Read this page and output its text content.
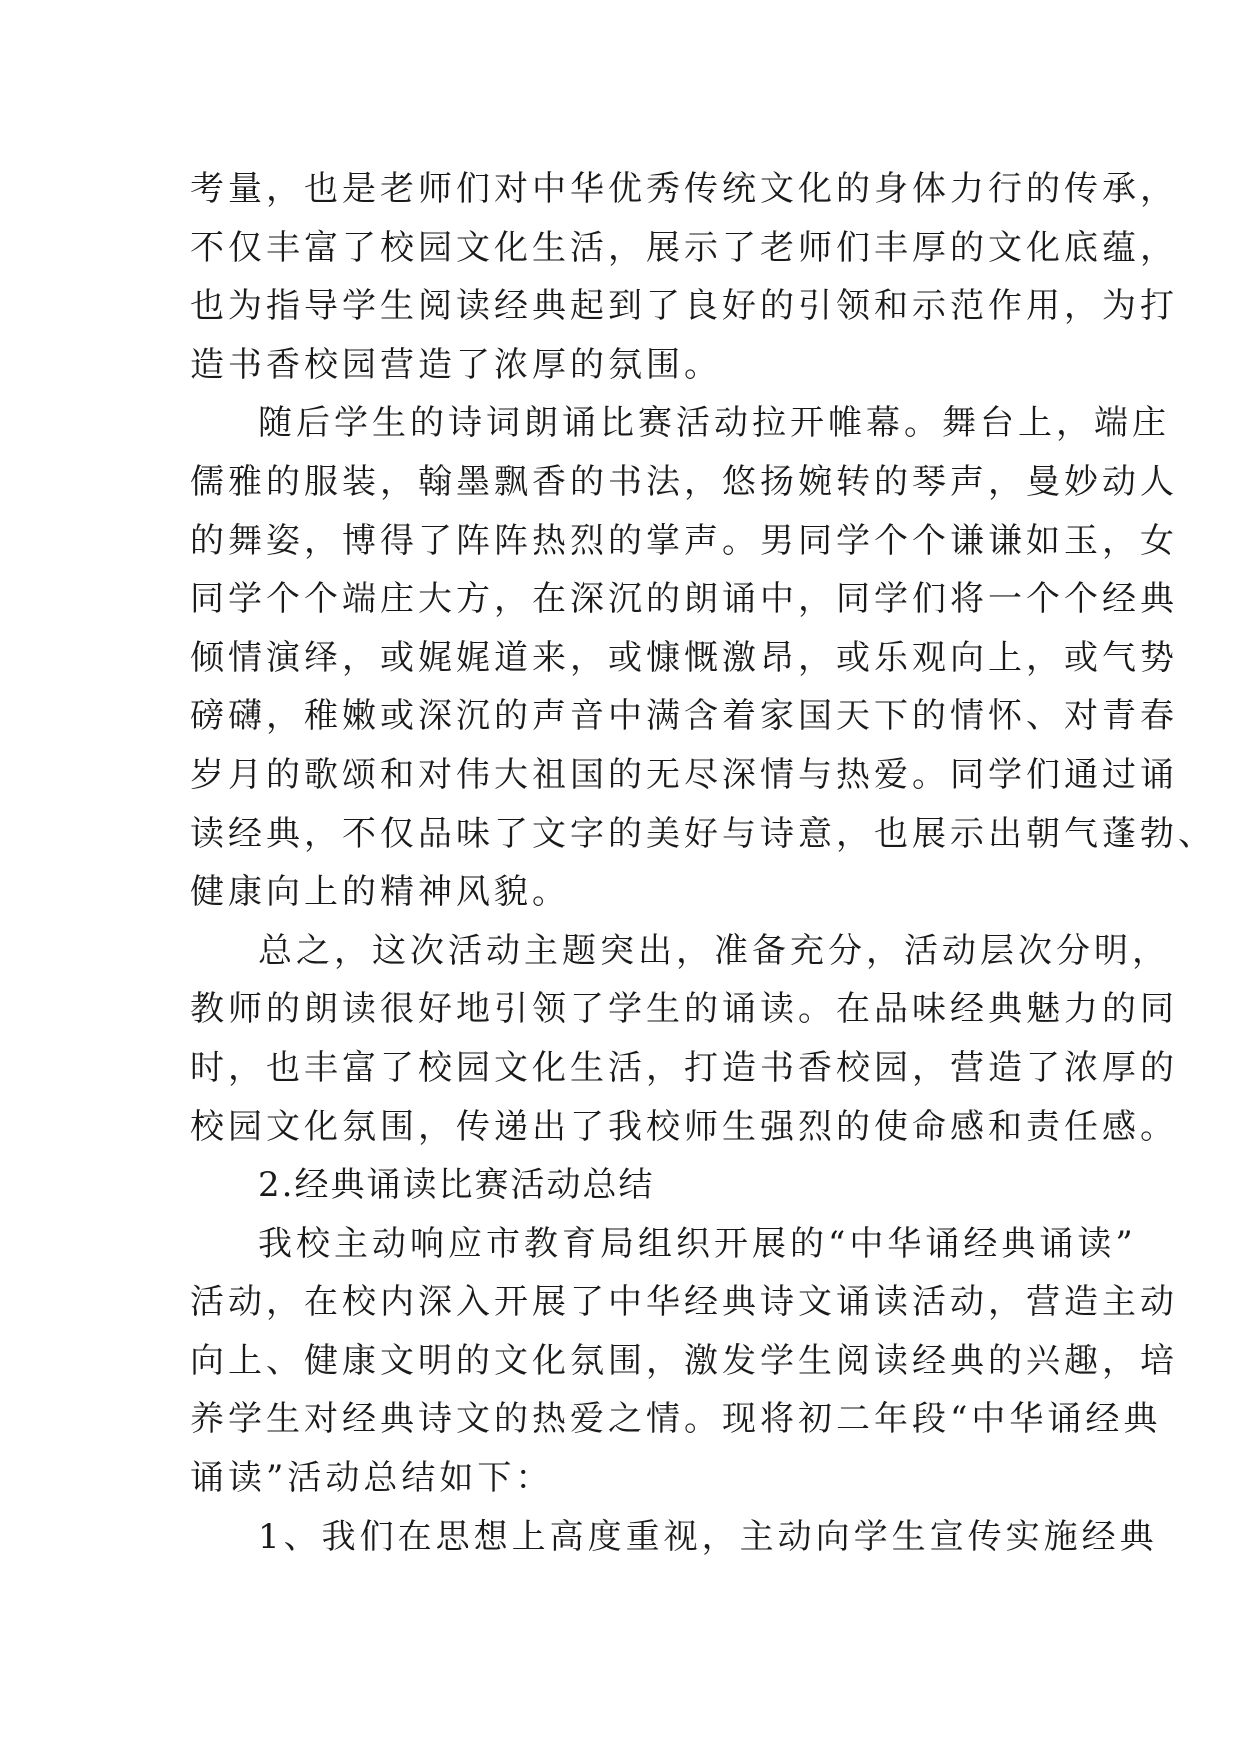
考量，也是老师们对中华优秀传统文化的身体力行的传承，
不仅丰富了校园文化生活，展示了老师们丰厚的文化底蕴，
也为指导学生阅读经典起到了良好的引领和示范作用，为打
造书香校园营造了浓厚的氛围。
随后学生的诗词朗诵比赛活动拉开帷幕。舞台上，端庄
儒雅的服装，翰墨飘香的书法，悠扬婉转的琴声，曼妙动人
的舞姿，博得了阵阵热烈的掌声。男同学个个谦谦如玉，女
同学个个端庄大方，在深沉的朗诵中，同学们将一个个经典
倾情演绎，或娓娓道来，或慷慨激昂，或乐观向上，或气势
磅礴，稚嫩或深沉的声音中满含着家国天下的情怀、对青春
岁月的歌颂和对伟大祖国的无尽深情与热爱。同学们通过诵
读经典，不仅品味了文字的美好与诗意，也展示出朝气蓬勃、
健康向上的精神风貌。
总之，这次活动主题突出，准备充分，活动层次分明，
教师的朗读很好地引领了学生的诵读。在品味经典魅力的同
时，也丰富了校园文化生活，打造书香校园，营造了浓厚的
校园文化氛围，传递出了我校师生强烈的使命感和责任感。
2.经典诵读比赛活动总结
我校主动响应市教育局组织开展的“中华诵经典诵读”
活动，在校内深入开展了中华经典诗文诵读活动，营造主动
向上、健康文明的文化氛围，激发学生阅读经典的兴趣，培
养学生对经典诗文的热爱之情。现将初二年段“中华诵经典
诵读”活动总结如下：
1、我们在思想上高度重视，主动向学生宣传实施经典
